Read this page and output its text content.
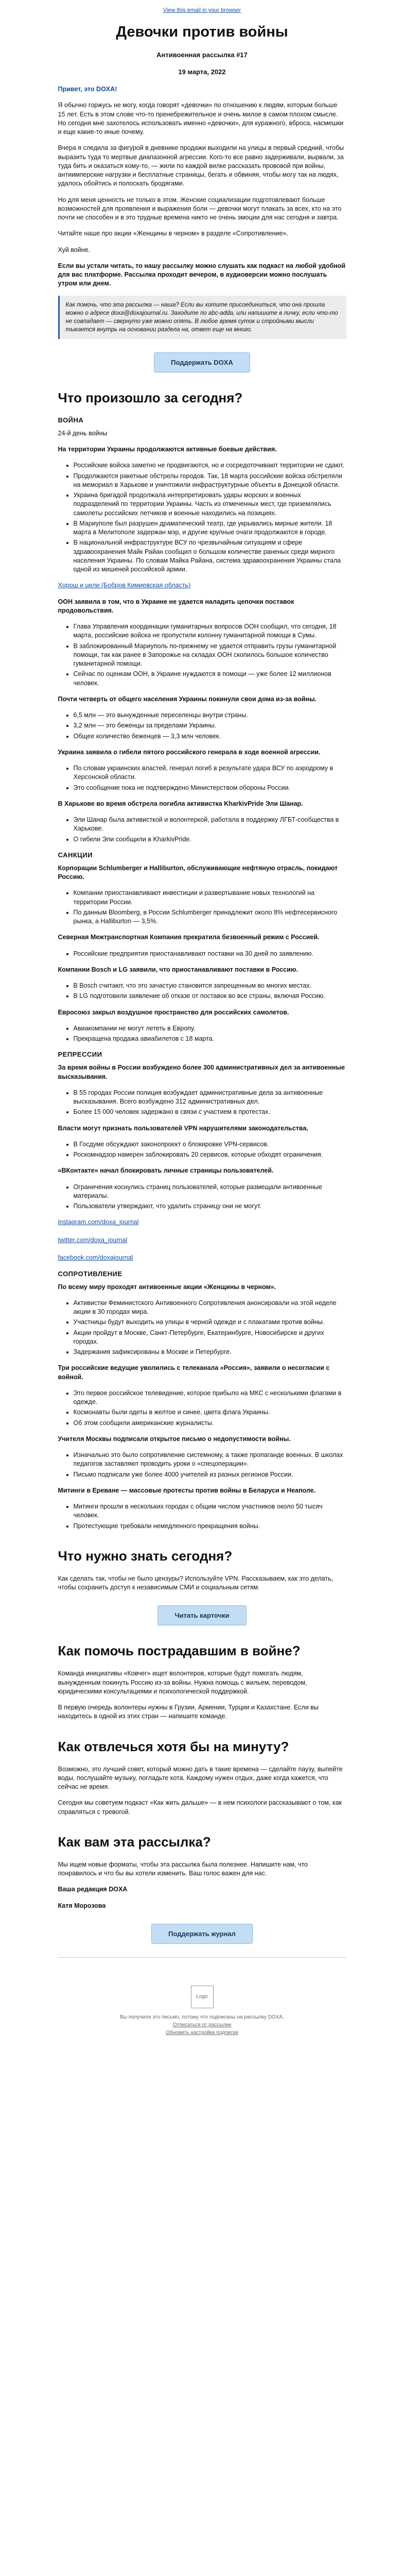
View this email in your browser
Девочки против войны
Антивоенная рассылка #17
19 марта, 2022

Привет, это DOXA!

Я обычно горжусь не могу, когда говорят «девочки» по отношению к людям, которым больше 15 лет. Есть в этом слове что-то пренебрежительное и очень милое в самом плохом смысле. Но сегодня мне захотелось использовать именно «девочки», для куражного, вброса, насмешки и еще какие-то иные почему.

Вчера я следила за фигурой в дневнике продажи выходили на улицы в первый средний, чтобы выразить туда то мертвые диапазонной агрессии. Кого-то все равно задерживали, вырвали, за туда бить и оказаться кому-то, — жили по каждой вилке рассказать прововой при войны, антиимперские нагрузки и бесплатные страницы, бегать и обвиняя, чтобы могу так на людях, удалось обойтись и полоскать бродягами.

Но для меня ценность не только в этом. Женские социализации подготовлевают больше возможностей для проявления и выражения боли — девочки могут плакать за всех, кто на это почти не способен и в это трудные времена никто не очень эмоции для нас сегодня и завтра.

Читайте наше про акции «Женщины в черном» в разделе «Сопротивление».

Хуй войне.

Если вы устали читать, то нашу рассылку можно слушать как подкаст на любой удобной для вас платформе. Рассылка проходит вечером, в аудиоверсии можно послушать утром или днем.

Как помочь, что эта рассылка — наша? Если вы хотите присоединиться, что она прошла можно о адресе doxa@doxajournal.ru. Заходите по abc-adda, или напишите в личку, если что-то не совпадает — свернуто уже можно опять. В любое время суток и стройными мысли тыкается внутрь на основании раздела на, ответ еще на много.
Поддержать DOXA
Что произошло за сегодня?
ВОЙНА

24-й день войны

На территории Украины продолжаются активные боевые действия.

• Российские войска заметно не продвигаются, но и сосредоточивают территории не сдают.
• Продолжаются ракетные обстрелы городов. Так, 18 марта российские войска обстреляли на мемориал в Харькове и уничтожили инфраструктурные объекты в Донецкой области.
• Украина бригадой продолжала интерпретировать удары морских и военных подразделений по территории Украины. Часть из отмеченных мест, где приземлялись самолеты российских летчиков и военные находились на позициях.
• В Мариуполе был разрушен драматический театр, где укрывались мирные жители. 18 марта в Мелитополе задержан мэр, и другие крупные очаги продолжаются в городе.
• В национальной инфраструктуре ВСУ по чрезвычайным ситуациям и сфере здравоохранения Майк Райан сообщил о большом количестве раненых среди мирного населения Украины. По словам Майка Райана, система здравоохранения Украины стала одной из мишеней российской армии.

Хорош и цели (Бобров Кимиевская область)

ООН заявила в том, что в Украине не удается наладить цепочки поставок продовольствия.

• Глава Управления координации гуманитарных вопросов ООН сообщил, что сегодня, 18 марта, российские войска не пропустили колонну гуманитарной помощи в Сумы.
• В заблокированный Мариуполь по-прежнему не удается отправить грузы гуманитарной помощи, так как ранее в Запорожье на складах ООН скопилось большое количество гуманитарной помощи.
• Сейчас по оценкам ООН, в Украине нуждаются в помощи — уже более 12 миллионов человек.

Почти четверть от общего населения Украины покинули свои дома из-за войны.

• 6,5 млн — это вынужденные переселенцы внутри страны.
• 3,2 млн — это беженцы за пределами Украины.
• Общее количество беженцев — 3,3 млн человек.

Украина заявила о гибели пятого российского генерала в ходе военной агрессии.

• По словам украинских властей, генерал погиб в результате удара ВСУ по аэродрому в Херсонской области.
• Это сообщение пока не подтверждено Министерством обороны России.

В Харькове во время обстрела погибла активистка KharkivPride Эли Шанар.

• Эли Шанар была активисткой и волонтеркой, работала в поддержку ЛГБТ-сообщества в Харькове.
• О гибели Эли сообщили в KharkivPride.
САНКЦИИ

Корпорации Schlumberger и Halliburton, обслуживающие нефтяную отрасль, покидают Россию.

• Компании приостанавливают инвестиции и развертывание новых технологий на территории России.
• По данным Bloomberg, в России Schlumberger принадлежит около 8% нефтесервисного рынка, а Halliburton — 3,5%.

Северная Межтранспортная Компания прекратила безвоенный режим с Россией.

• Российские предприятия приостанавливают поставки на 30 дней по заявлению.

Компании Bosch и LG заявили, что приостанавливают поставки в Россию.

• В Bosch считают, что это зачастую становится запрещенным во многих местах.
• В LG подготовили заявление об отказе от поставок во все страны, включая Россию.

Евросоюз закрыл воздушное пространство для российских самолетов.

• Авиакомпании не могут лететь в Европу.
• Прекращена продажа авиабилетов с 18 марта.
РЕПРЕССИИ

За время войны в России возбуждено более 300 административных дел за антивоенные высказывания.

• В 55 городах России полиция возбуждает административные дела за антивоенные высказывания. Всего возбуждено 312 административных дел.
• Более 15 000 человек задержано в связи с участием в протестах.

Власти могут признать пользователей VPN нарушителями законодательства.

• В Госдуме обсуждают законопроект о блокировке VPN-сервисов.
• Роскомнадзор намерен заблокировать 20 сервисов, которые обходят ограничения.

«ВКонтакте» начал блокировать личные страницы пользователей.

• Ограничения коснулись страниц пользователей, которые размещали антивоенные материалы.
• Пользователи утверждают, что удалить страницу они не могут.

instagram.com/doxa_journal

twitter.com/doxa_journal

facebook.com/doxajournal

СОПРОТИВЛЕНИЕ

По всему миру проходят антивоенные акции «Женщины в черном».

• Активистки Феминистского Антивоенного Сопротивления анонсировали на этой неделе акции в 30 городах мира.
• Участницы будут выходить на улицы в черной одежде и с плакатами против войны.
• Акции пройдут в Москве, Санкт-Петербурге, Екатеринбурге, Новосибирске и других городах.
• Задержания зафиксированы в Москве и Петербурге.

Три российские ведущие уволились с телеканала «Россия», заявили о несогласии с войной.

• Это первое российское телевидение, которое прибыло на МКС с несколькими флагами в одежде.
• Космонавты были одеты в желтое и синее, цвета флага Украины.
• Об этом сообщили американские журналисты.

Учителя Москвы подписали открытое письмо о недопустимости войны.

• Изначально это было сопротивление системному, а также пропаганде военных. В школах педагогов заставляют проводить уроки о «спецоперации».
• Письмо подписали уже более 4000 учителей из разных регионов России.

Митинги в Ереване — массовые протесты против войны в Беларуси и Неаполе.

• Митинги прошли в нескольких городах с общим числом участников около 50 тысяч человек.
• Протестующие требовали немедленного прекращения войны.
Что нужно знать сегодня?

Как сделать так, чтобы не было цензуры? Используйте VPN. Рассказываем, как это делать, чтобы сохранить доступ к независимым СМИ и социальным сетям.

Читать карточки
Как помочь пострадавшим в войне?

Команда инициативы «Ковчег» ищет волонтеров, которые будут помогать людям, вынужденным покинуть Россию из-за войны. Нужна помощь с жильем, переводом, юридическими консультациями и психологической поддержкой.

В первую очередь волонтеры нужны в Грузии, Армении, Турции и Казахстане. Если вы находитесь в одной из этих стран — напишите команде.

Как отвлечься хотя бы на минуту?

Возможно, это лучший совет, который можно дать в такие времена — сделайте паузу, выпейте воды, послушайте музыку, погладьте кота. Каждому нужен отдых, даже когда кажется, что сейчас не время.

Сегодня мы советуем подкаст «Как жить дальше» — в нем психологи рассказывают о том, как справляться с тревогой.

Как вам эта рассылка?

Мы ищем новые форматы, чтобы эта рассылка была полезнее. Напишите нам, что понравилось и что бы вы хотели изменить. Ваш голос важен для нас.

Ваша редакция DOXA

Катя Морозова

Поддержать журнал
Logo
Вы получили это письмо, потому что подписаны на рассылку DOXA.
Отписаться от рассылки
Обновить настройки подписки
